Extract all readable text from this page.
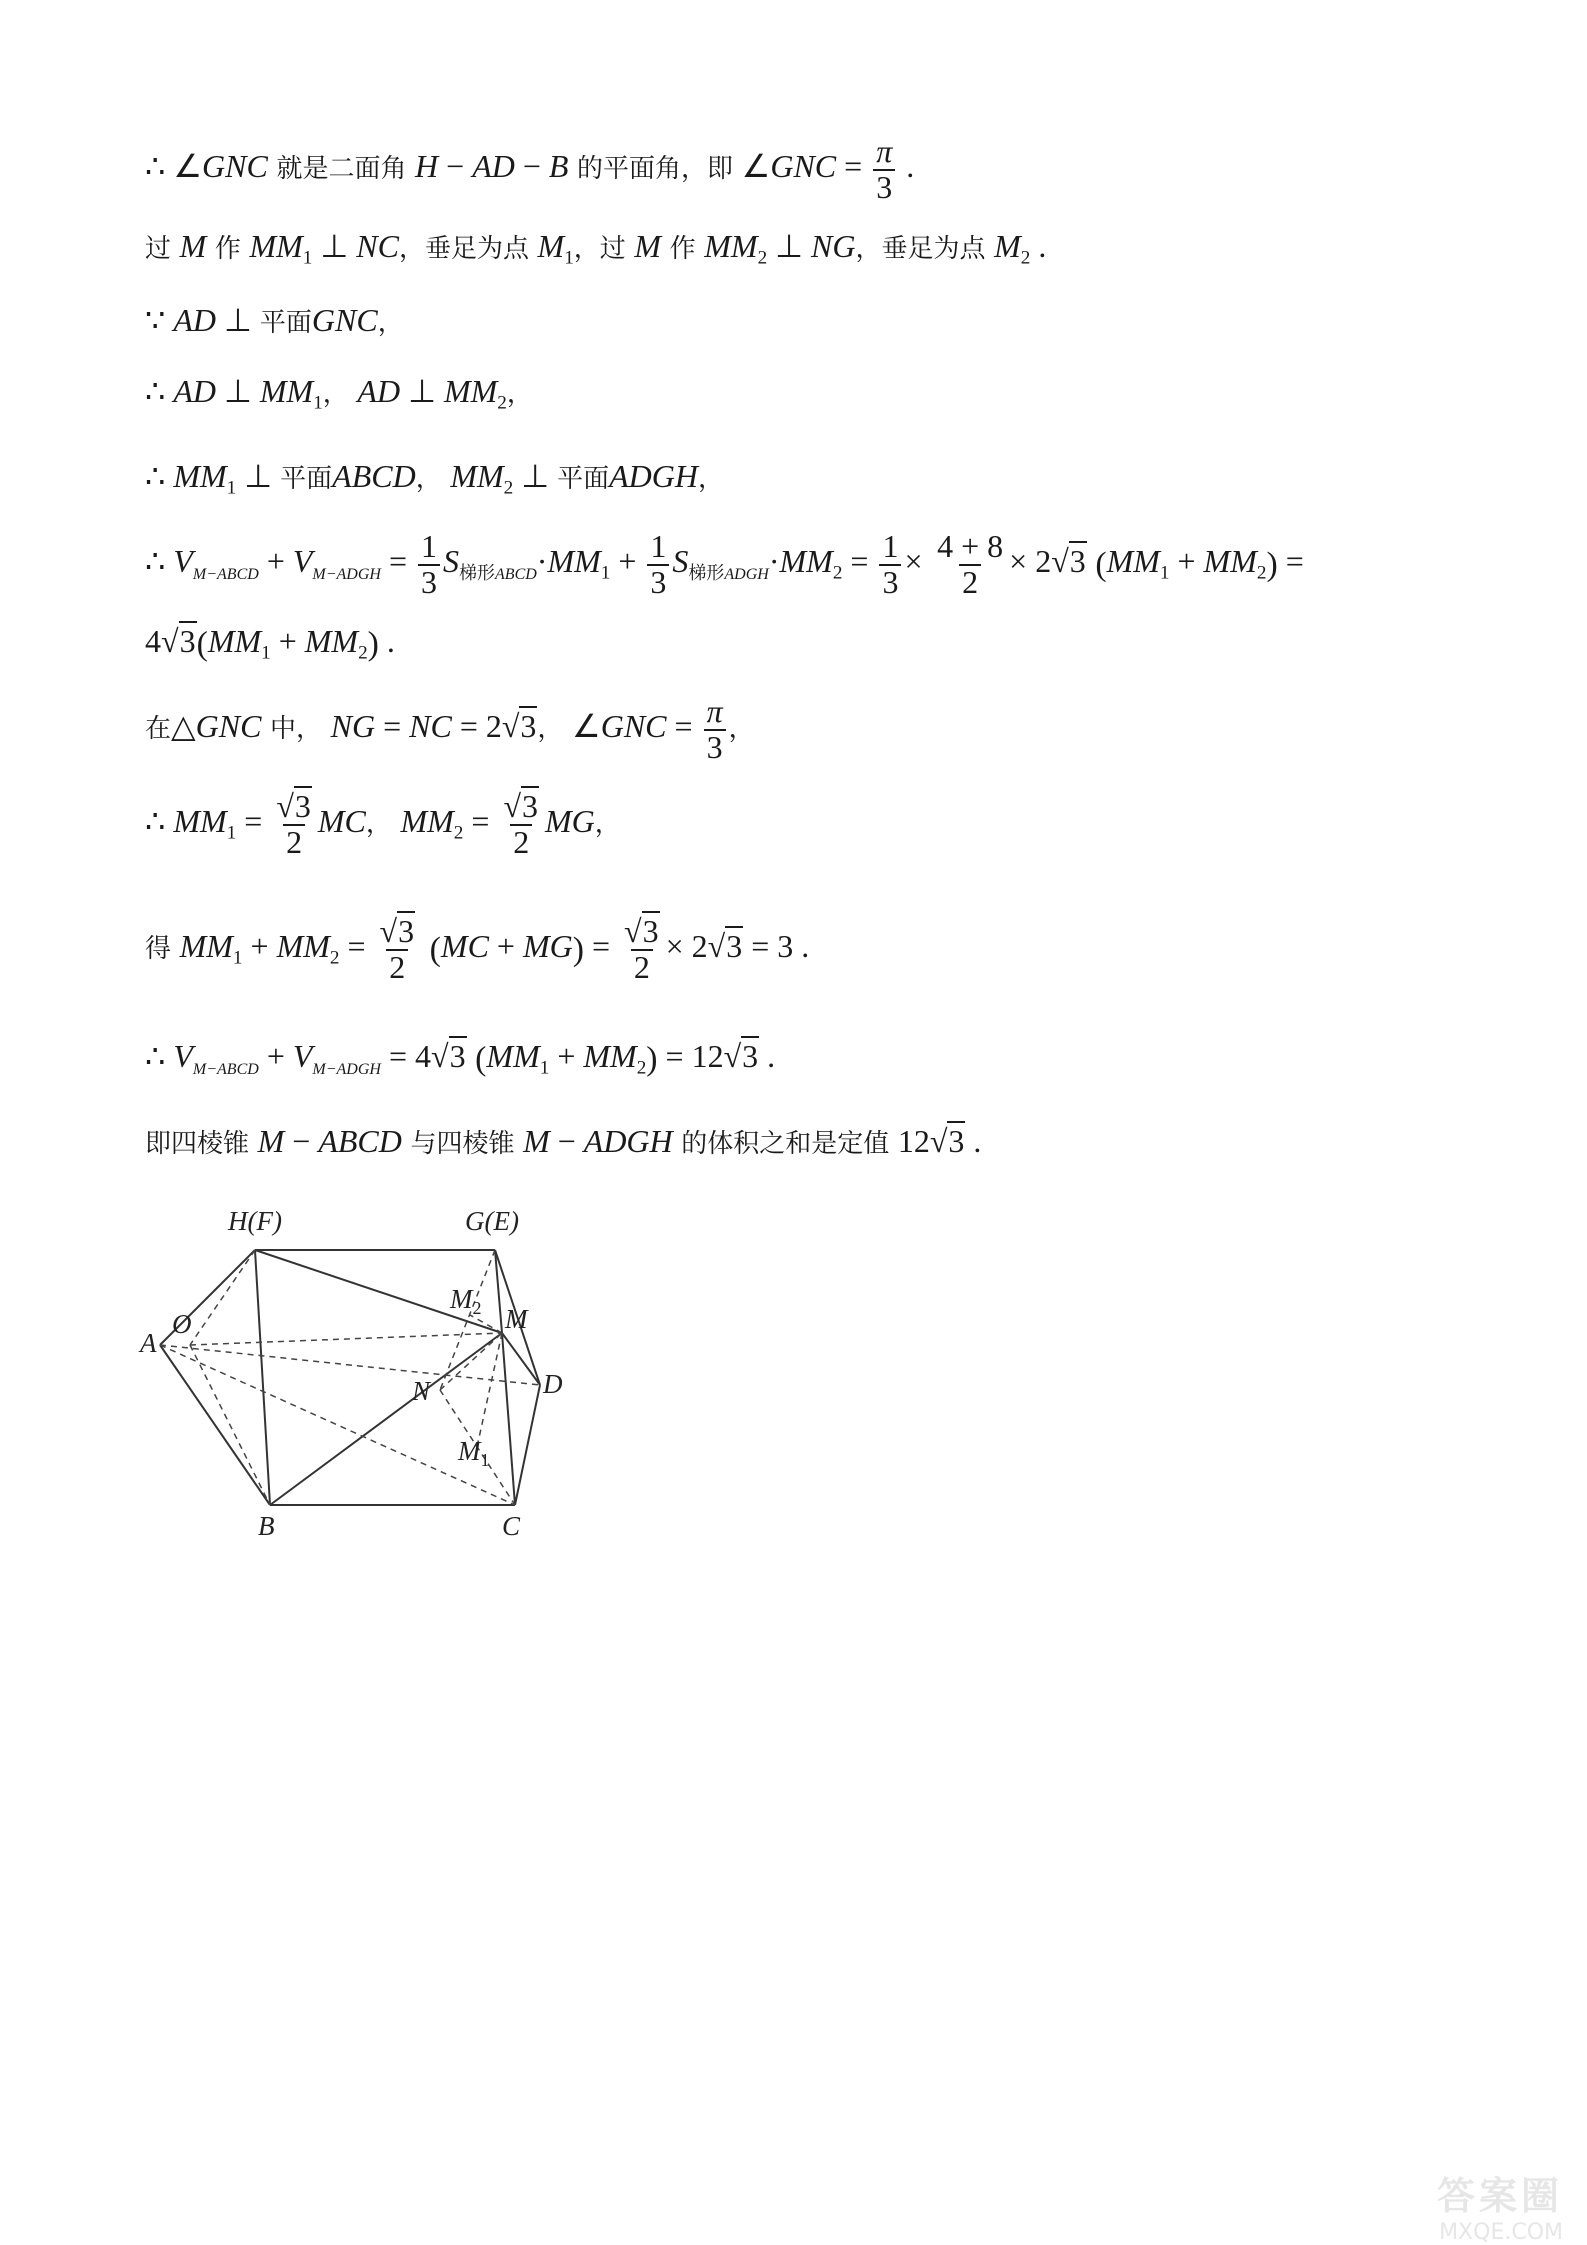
∴ ∠GNC 就是二面角 H − AD − B 的平面角，即 ∠GNC = $\frac{\pi}{3}$ .
过 M 作 $MM_1$ ⊥ NC，垂足为点 $M_1$，过 M 作 $MM_2$ ⊥ NG，垂足为点 $M_2$ .
∵ AD ⊥ 平面GNC，
∴ AD ⊥ $MM_1$， AD ⊥ $MM_2$，
∴ $MM_1$ ⊥ 平面ABCD， $MM_2$ ⊥ 平面ADGH，
∴ $V_{M-ABCD} + V_{M-ADGH} = \frac{1}{3} S_{梯形ABCD}\cdot MM_1 + \frac{1}{3} S_{梯形ADGH}\cdot MM_2 = \frac{1}{3} \times \frac{4 + 8}{2} \times 2√3$ $(MM_1 + MM_2)$ =
$4√3(MM_1 + MM_2)$ .
在△GNC 中， NG = NC = 2√3， ∠GNC = $\frac{\pi}{3}$ ，
∴ $MM_1 = \frac{√3}{2}$ MC， $MM_2 = \frac{√3}{2}$ MG，
得 $MM_1 + MM_2 = \frac{√3}{2} (MC + MG) = \frac{√3}{2} \times 2√3 = 3$ .
∴ $V_{M-ABCD} + V_{M-ADGH} = 4√3$ $(MM_1 + MM_2) = 12√3$ .
即四棱锥 M − ABCD 与四棱锥 M − ADGH 的体积之和是定值 12√3 .
H(F)	G(E)
A
O
N
M
$M_2$
$M_1$
D
B	C
答案圈
MXQE.COM
